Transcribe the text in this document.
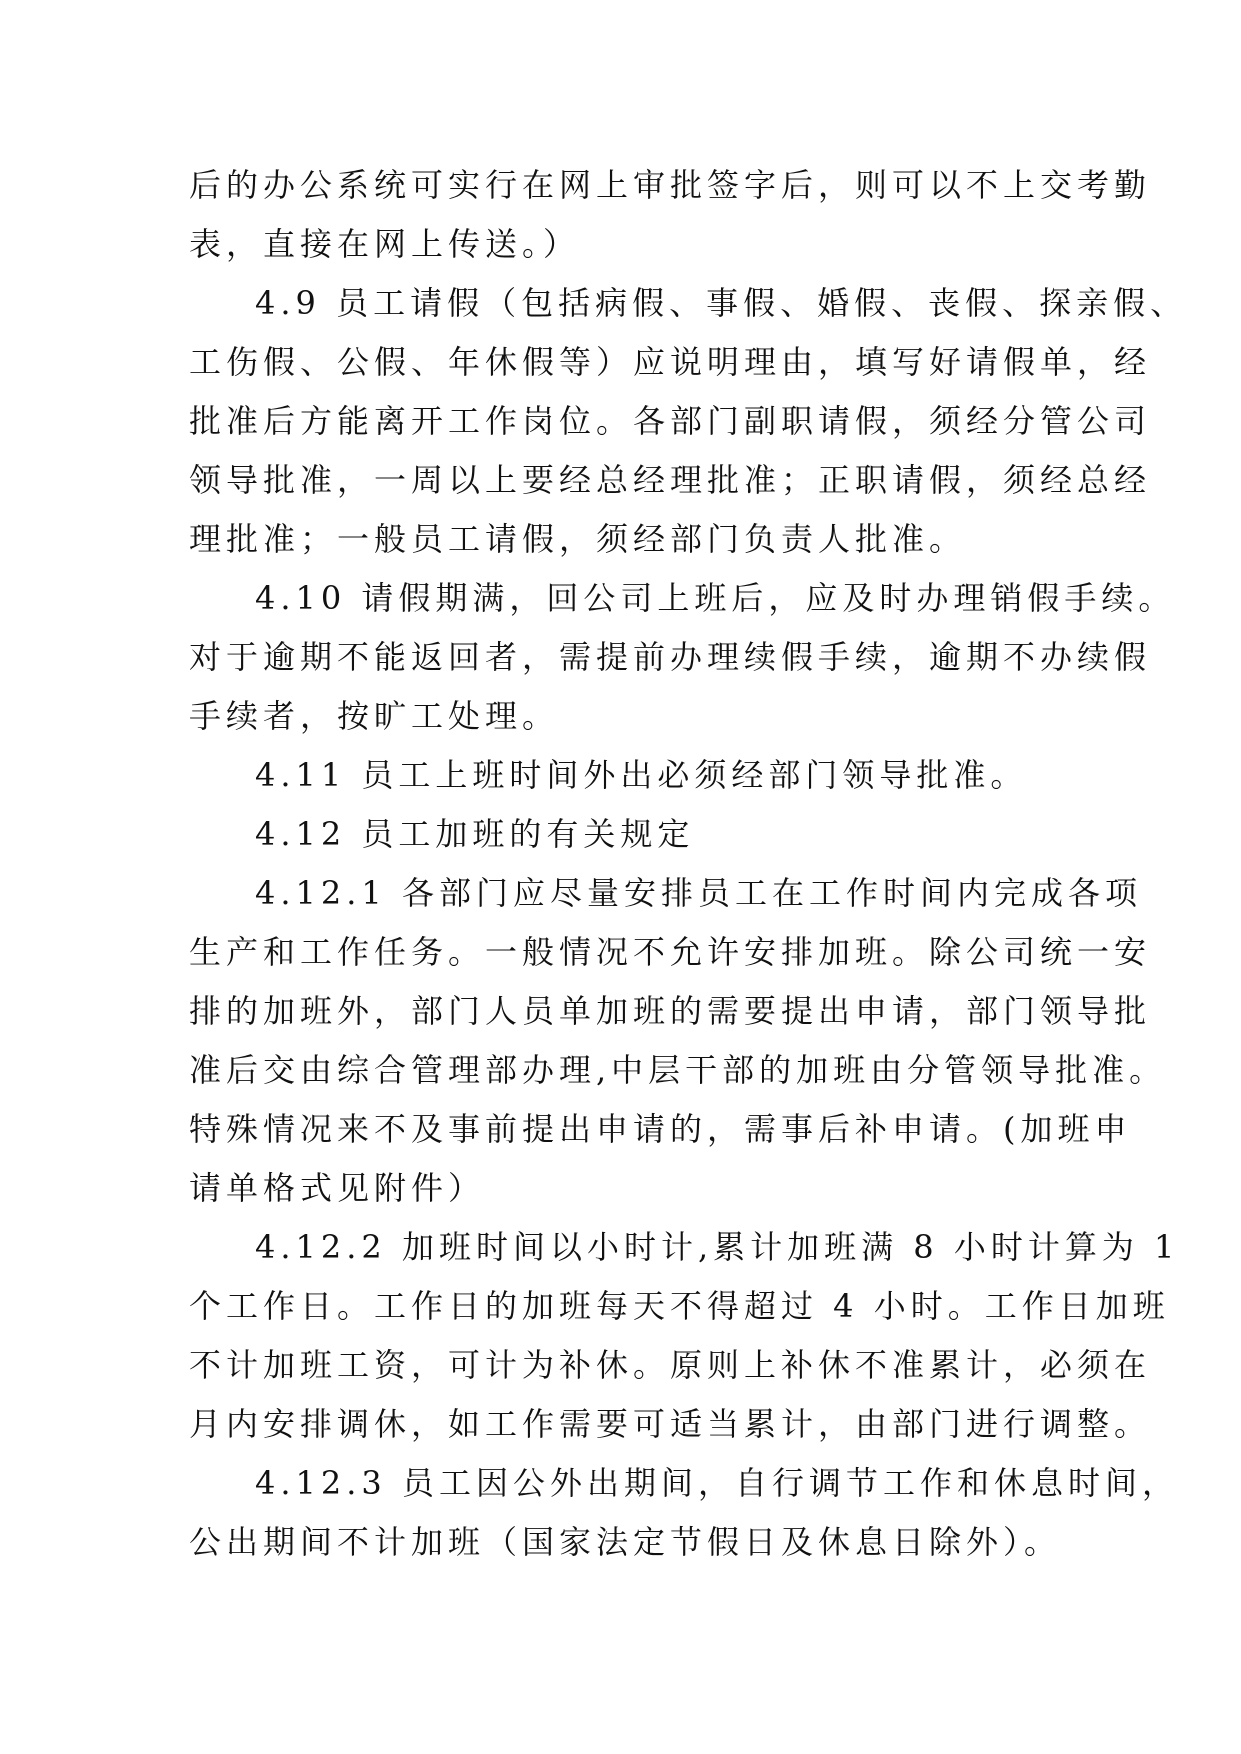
后的办公系统可实行在网上审批签字后，则可以不上交考勤
表，直接在网上传送。）
4.9 员工请假（包括病假、事假、婚假、丧假、探亲假、
工伤假、公假、年休假等）应说明理由，填写好请假单，经
批准后方能离开工作岗位。各部门副职请假，须经分管公司
领导批准，一周以上要经总经理批准；正职请假，须经总经
理批准；一般员工请假，须经部门负责人批准。
4.10 请假期满，回公司上班后，应及时办理销假手续。
对于逾期不能返回者，需提前办理续假手续，逾期不办续假
手续者，按旷工处理。
4.11 员工上班时间外出必须经部门领导批准。
4.12 员工加班的有关规定
4.12.1 各部门应尽量安排员工在工作时间内完成各项
生产和工作任务。一般情况不允许安排加班。除公司统一安
排的加班外，部门人员单加班的需要提出申请，部门领导批
准后交由综合管理部办理,中层干部的加班由分管领导批准。
特殊情况来不及事前提出申请的，需事后补申请。(加班申
请单格式见附件）
4.12.2 加班时间以小时计,累计加班满 8 小时计算为 1
个工作日。工作日的加班每天不得超过 4 小时。工作日加班
不计加班工资，可计为补休。原则上补休不准累计，必须在
月内安排调休，如工作需要可适当累计，由部门进行调整。
4.12.3 员工因公外出期间，自行调节工作和休息时间，
公出期间不计加班（国家法定节假日及休息日除外）。
